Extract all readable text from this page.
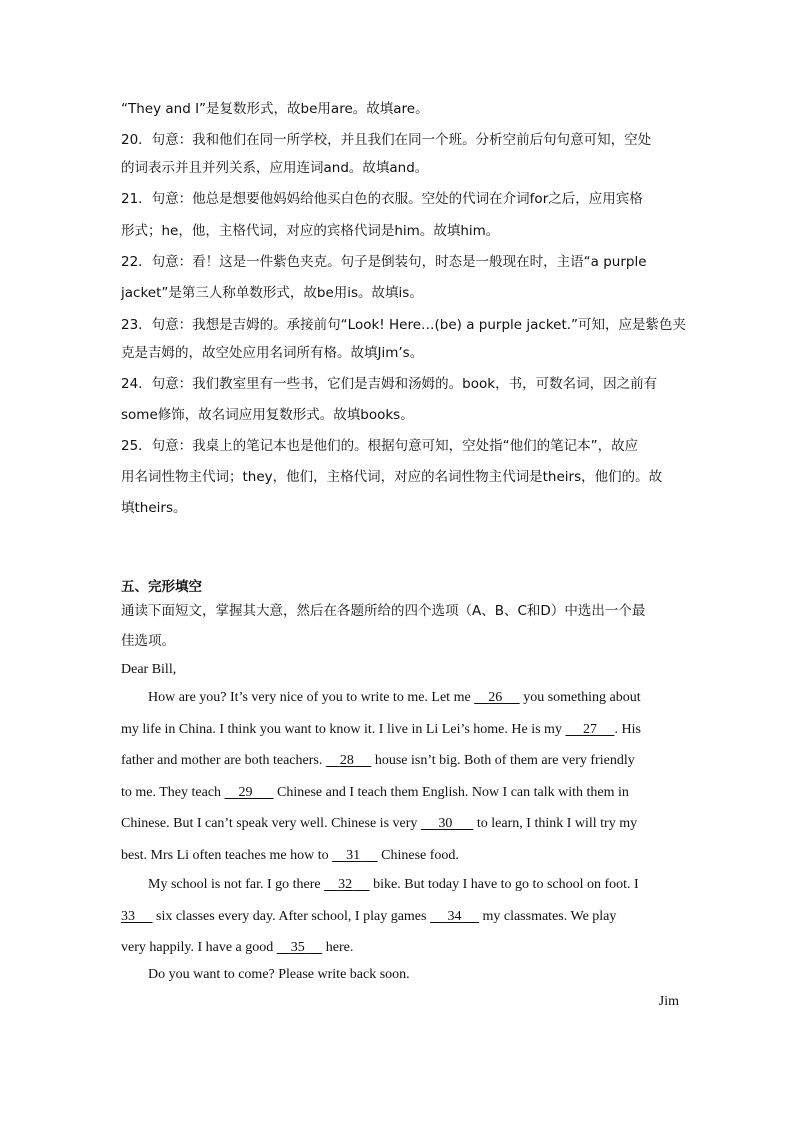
“They and I”是复数形式，故be用are。故填are。
20．句意：我和他们在同一所学校，并且我们在同一个班。分析空前后句句意可知，空处
的词表示并且并列关系，应用连词and。故填and。
21．句意：他总是想要他妈妈给他买白色的衣服。空处的代词在介词for之后，应用宾格
形式；he，他，主格代词，对应的宾格代词是him。故填him。
22．句意：看！这是一件紫色夹克。句子是倒装句，时态是一般现在时，主语“a purple
jacket”是第三人称单数形式，故be用is。故填is。
23．句意：我想是吉姆的。承接前句“Look! Here…(be) a purple jacket.”可知，应是紫色夹
克是吉姆的，故空处应用名词所有格。故填Jim’s。
24．句意：我们教室里有一些书，它们是吉姆和汤姆的。book，书，可数名词，因之前有
some修饰，故名词应用复数形式。故填books。
25．句意：我桌上的笔记本也是他们的。根据句意可知，空处指“他们的笔记本”，故应
用名词性物主代词；they，他们，主格代词，对应的名词性物主代词是theirs，他们的。故
填theirs。
五、完形填空
通读下面短文，掌握其大意，然后在各题所给的四个选项（A、B、C和D）中选出一个最
佳选项。
Dear Bill,
How are you? It’s very nice of you to write to me. Let me     26      you something about
my life in China. I think you want to know it. I live in Li Lei’s home. He is my      27 . His
father and mother are both teachers.     28      house isn’t big. Both of them are very friendly
to me. They teach     29       Chinese and I teach them English. Now I can talk with them in
Chinese. But I can’t speak very well. Chinese is very      30       to learn, I think I will try my
best. Mrs Li often teaches me how to     31      Chinese food.
My school is not far. I go there     32      bike. But today I have to go to school on foot. I
33      six classes every day. After school, I play games      34      my classmates. We play
very happily. I have a good     35      here.
Do you want to come? Please write back soon.
Jim
